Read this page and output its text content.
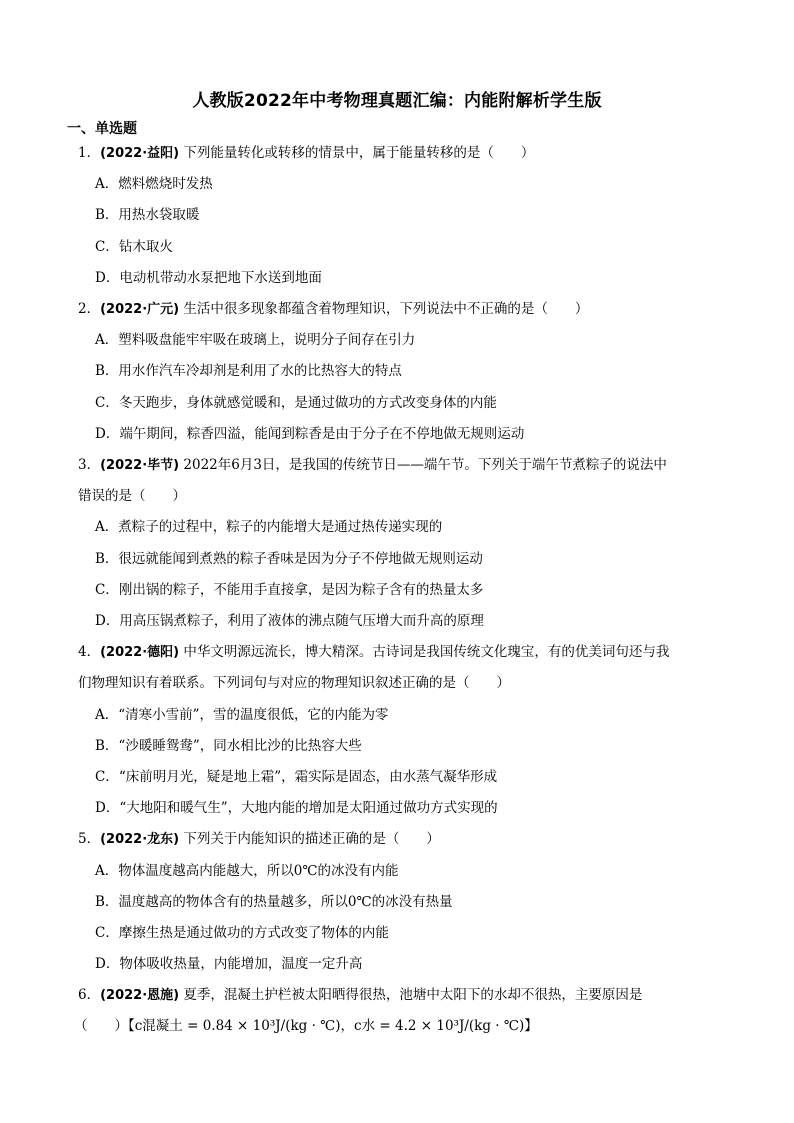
人教版2022年中考物理真题汇编：内能附解析学生版
一、单选题
1．(2022·益阳) 下列能量转化或转移的情景中，属于能量转移的是（　　）
A．燃料燃烧时发热
B．用热水袋取暖
C．钻木取火
D．电动机带动水泵把地下水送到地面
2．(2022·广元) 生活中很多现象都蕴含着物理知识，下列说法中不正确的是（　　）
A．塑料吸盘能牢牢吸在玻璃上，说明分子间存在引力
B．用水作汽车冷却剂是利用了水的比热容大的特点
C．冬天跑步，身体就感觉暖和，是通过做功的方式改变身体的内能
D．端午期间，粽香四溢，能闻到粽香是由于分子在不停地做无规则运动
3．(2022·毕节) 2022年6月3日，是我国的传统节日——端午节。下列关于端午节煮粽子的说法中
错误的是（　　）
A．煮粽子的过程中，粽子的内能增大是通过热传递实现的
B．很远就能闻到煮熟的粽子香味是因为分子不停地做无规则运动
C．刚出锅的粽子，不能用手直接拿，是因为粽子含有的热量太多
D．用高压锅煮粽子，利用了液体的沸点随气压增大而升高的原理
4．(2022·德阳) 中华文明源远流长，博大精深。古诗词是我国传统文化瑰宝，有的优美词句还与我
们物理知识有着联系。下列词句与对应的物理知识叙述正确的是（　　）
A．“清寒小雪前”，雪的温度很低，它的内能为零
B．“沙暖睡鸳鸯”，同水相比沙的比热容大些
C．“床前明月光，疑是地上霜”，霜实际是固态，由水蒸气凝华形成
D．“大地阳和暖气生”，大地内能的增加是太阳通过做功方式实现的
5．(2022·龙东) 下列关于内能知识的描述正确的是（　　）
A．物体温度越高内能越大，所以0℃的冰没有内能
B．温度越高的物体含有的热量越多，所以0℃的冰没有热量
C．摩擦生热是通过做功的方式改变了物体的内能
D．物体吸收热量，内能增加，温度一定升高
6．(2022·恩施) 夏季，混凝土护栏被太阳晒得很热，池塘中太阳下的水却不很热，主要原因是
（　　）【c混凝土 = 0.84 × 10³J/(kg · ℃)，c水 = 4.2 × 10³J/(kg · ℃)】
